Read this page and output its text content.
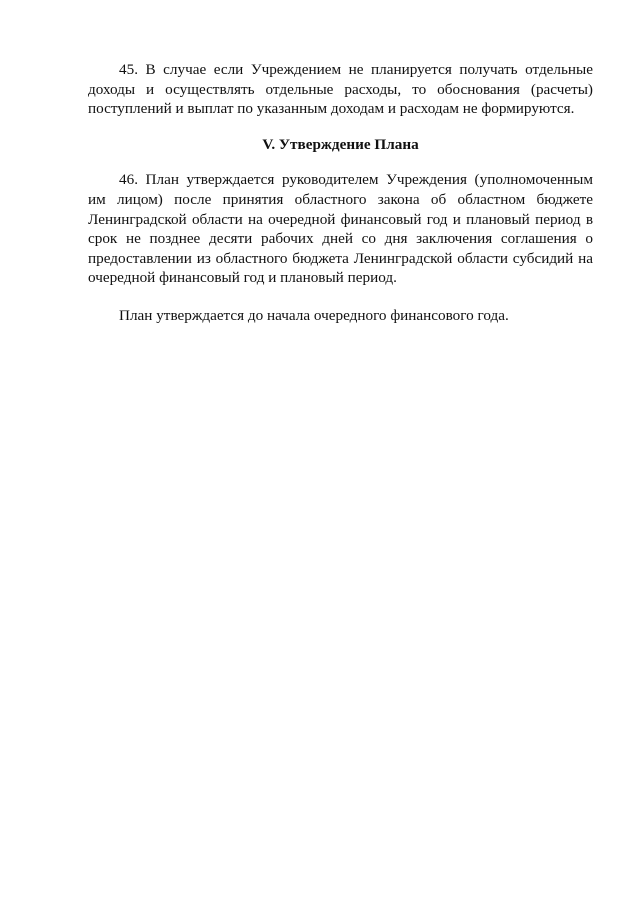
45. В случае если Учреждением не планируется получать отдельные доходы и осуществлять отдельные расходы, то обоснования (расчеты) поступлений и выплат по указанным доходам и расходам не формируются.

V. Утверждение Плана

46. План утверждается руководителем Учреждения (уполномоченным им лицом) после принятия областного закона об областном бюджете Ленинградской области на очередной финансовый год и плановый период в срок не позднее десяти рабочих дней со дня заключения соглашения о предоставлении из областного бюджета Ленинградской области субсидий на очередной финансовый год и плановый период.

План утверждается до начала очередного финансового года.
